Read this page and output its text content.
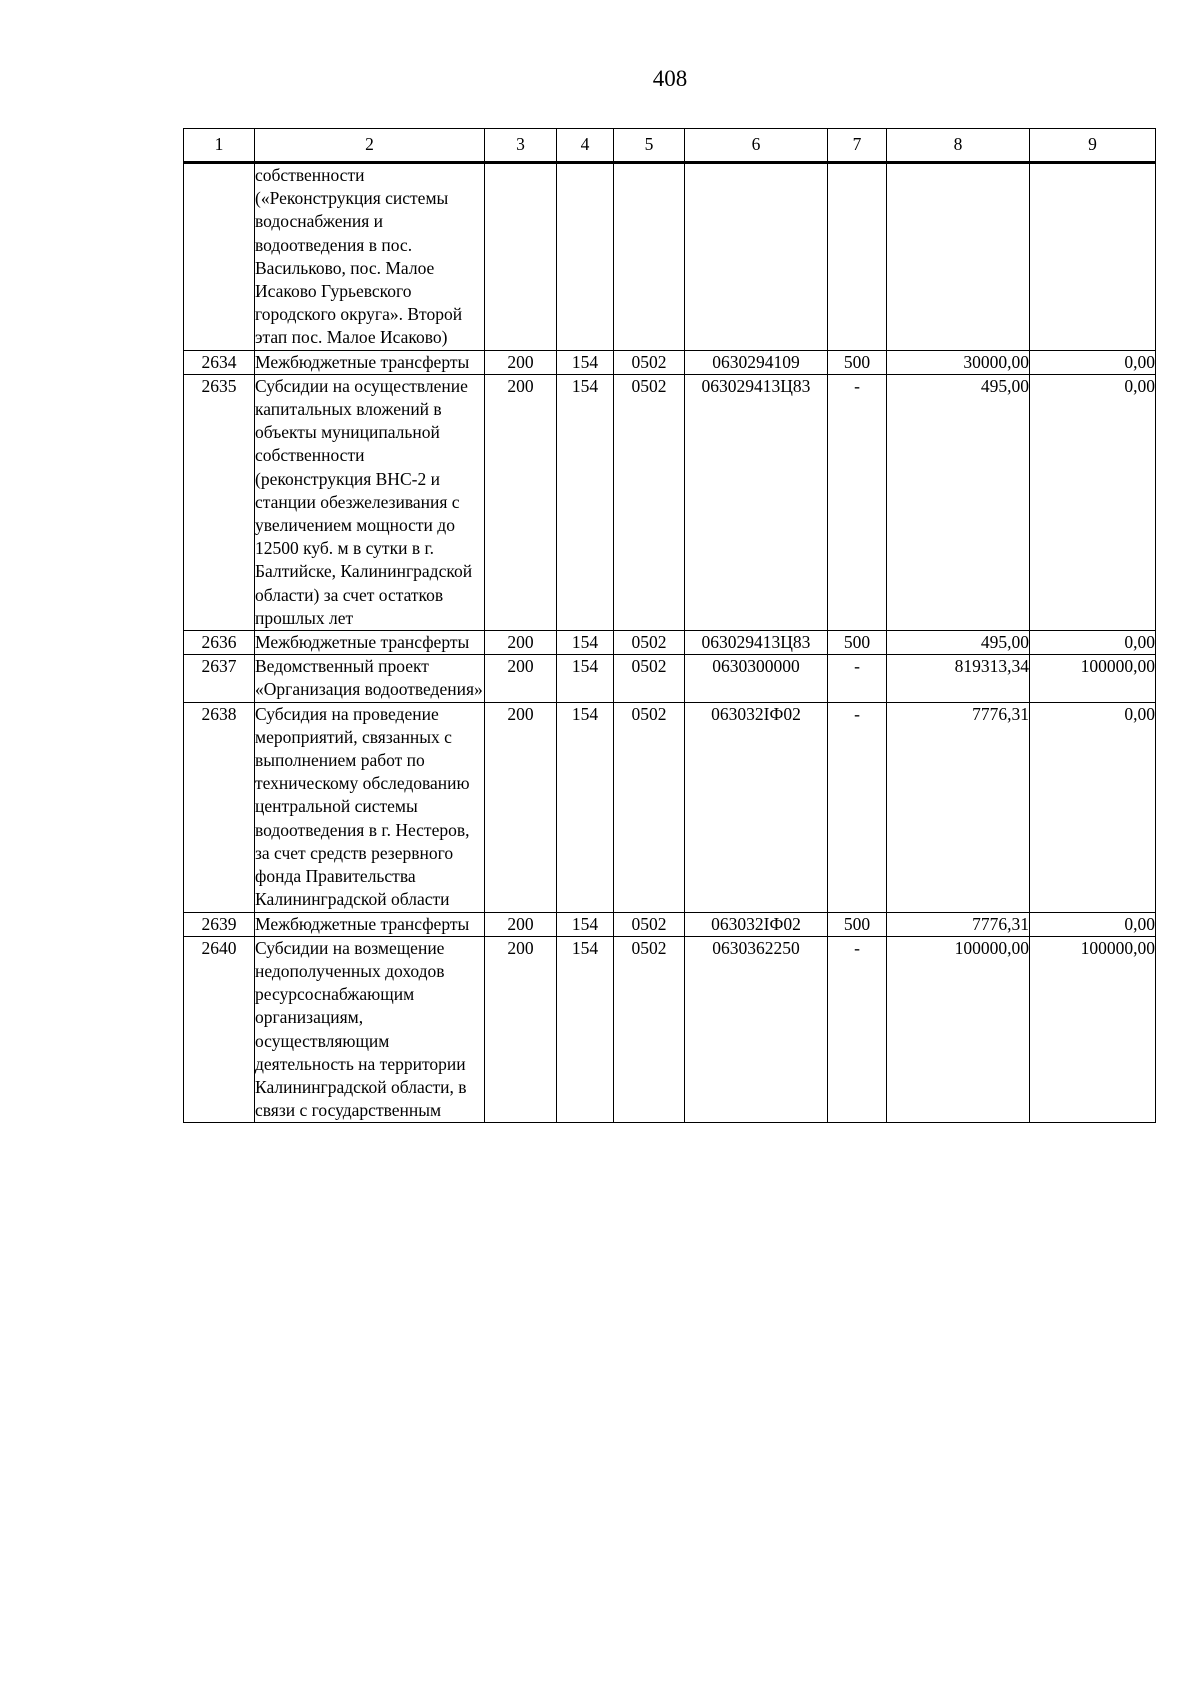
408
1	2	3	4	5	6	7	8	9
	собственности («Реконструкция системы водоснабжения и водоотведения в пос. Васильково, пос. Малое Исаково Гурьевского городского округа». Второй этап пос. Малое Исаково)							
2634	Межбюджетные трансферты	200	154	0502	0630294109	500	30000,00	0,00
2635	Субсидии на осуществление капитальных вложений в объекты муниципальной собственности (реконструкция ВНС-2 и станции обезжелезивания с увеличением мощности до 12500 куб. м в сутки в г. Балтийске, Калининградской области) за счет остатков прошлых лет	200	154	0502	063029413Ц83	-	495,00	0,00
2636	Межбюджетные трансферты	200	154	0502	063029413Ц83	500	495,00	0,00
2637	Ведомственный проект «Организация водоотведения»	200	154	0502	0630300000	-	819313,34	100000,00
2638	Субсидия на проведение мероприятий, связанных с выполнением работ по техническому обследованию центральной системы водоотведения в г. Нестеров, за счет средств резервного фонда Правительства Калининградской области	200	154	0502	063032IФ02	-	7776,31	0,00
2639	Межбюджетные трансферты	200	154	0502	063032IФ02	500	7776,31	0,00
2640	Субсидии на возмещение недополученных доходов ресурсоснабжающим организациям, осуществляющим деятельность на территории Калининградской области, в связи с государственным	200	154	0502	0630362250	-	100000,00	100000,00
